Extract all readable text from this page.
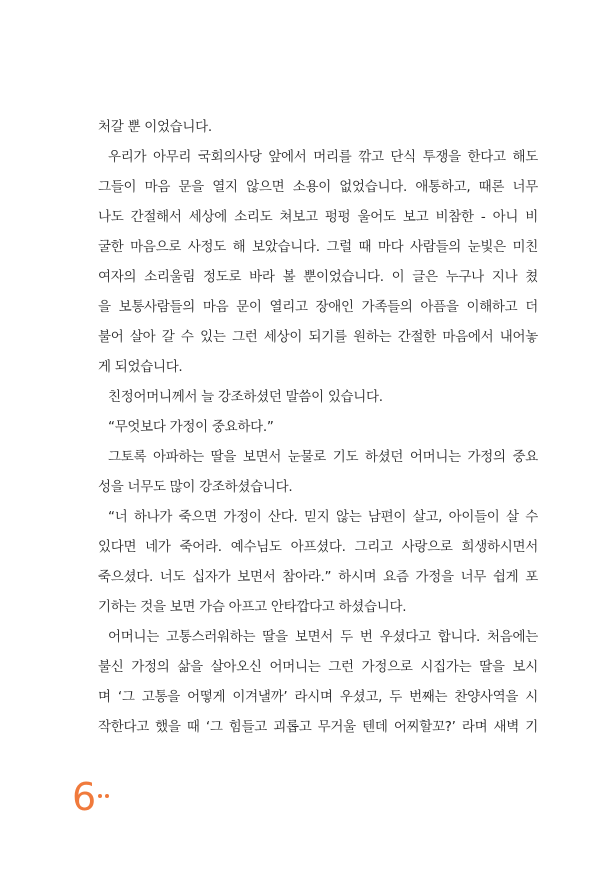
처갈 뿐 이었습니다.
우리가 아무리 국회의사당 앞에서 머리를 깎고 단식 투쟁을 한다고 해도
그들이 마음 문을 열지 않으면 소용이 없었습니다. 애통하고, 때론 너무
나도 간절해서 세상에 소리도 쳐보고 펑펑 울어도 보고 비참한 - 아니 비
굴한 마음으로 사정도 해 보았습니다. 그럴 때 마다 사람들의 눈빛은 미친
여자의 소리울림 정도로 바라 볼 뿐이었습니다. 이 글은 누구나 지나 쳤
을 보통사람들의 마음 문이 열리고 장애인 가족들의 아픔을 이해하고 더
불어 살아 갈 수 있는 그런 세상이 되기를 원하는 간절한 마음에서 내어놓
게 되었습니다.
친정어머니께서 늘 강조하셨던 말씀이 있습니다.
“무엇보다 가정이 중요하다.”
그토록 아파하는 딸을 보면서 눈물로 기도 하셨던 어머니는 가정의 중요
성을 너무도 많이 강조하셨습니다.
“너 하나가 죽으면 가정이 산다. 믿지 않는 남편이 살고, 아이들이 살 수
있다면 네가 죽어라. 예수님도 아프셨다. 그리고 사랑으로 희생하시면서
죽으셨다. 너도 십자가 보면서 참아라.” 하시며 요즘 가정을 너무 쉽게 포
기하는 것을 보면 가슴 아프고 안타깝다고 하셨습니다.
어머니는 고통스러워하는 딸을 보면서 두 번 우셨다고 합니다. 처음에는
불신 가정의 삶을 살아오신 어머니는 그런 가정으로 시집가는 딸을 보시
며 ‘그 고통을 어떻게 이겨낼까’ 라시며 우셨고, 두 번째는 찬양사역을 시
작한다고 했을 때 ‘그 힘들고 괴롭고 무거울 텐데 어찌할꼬?’ 라며 새벽 기
6
